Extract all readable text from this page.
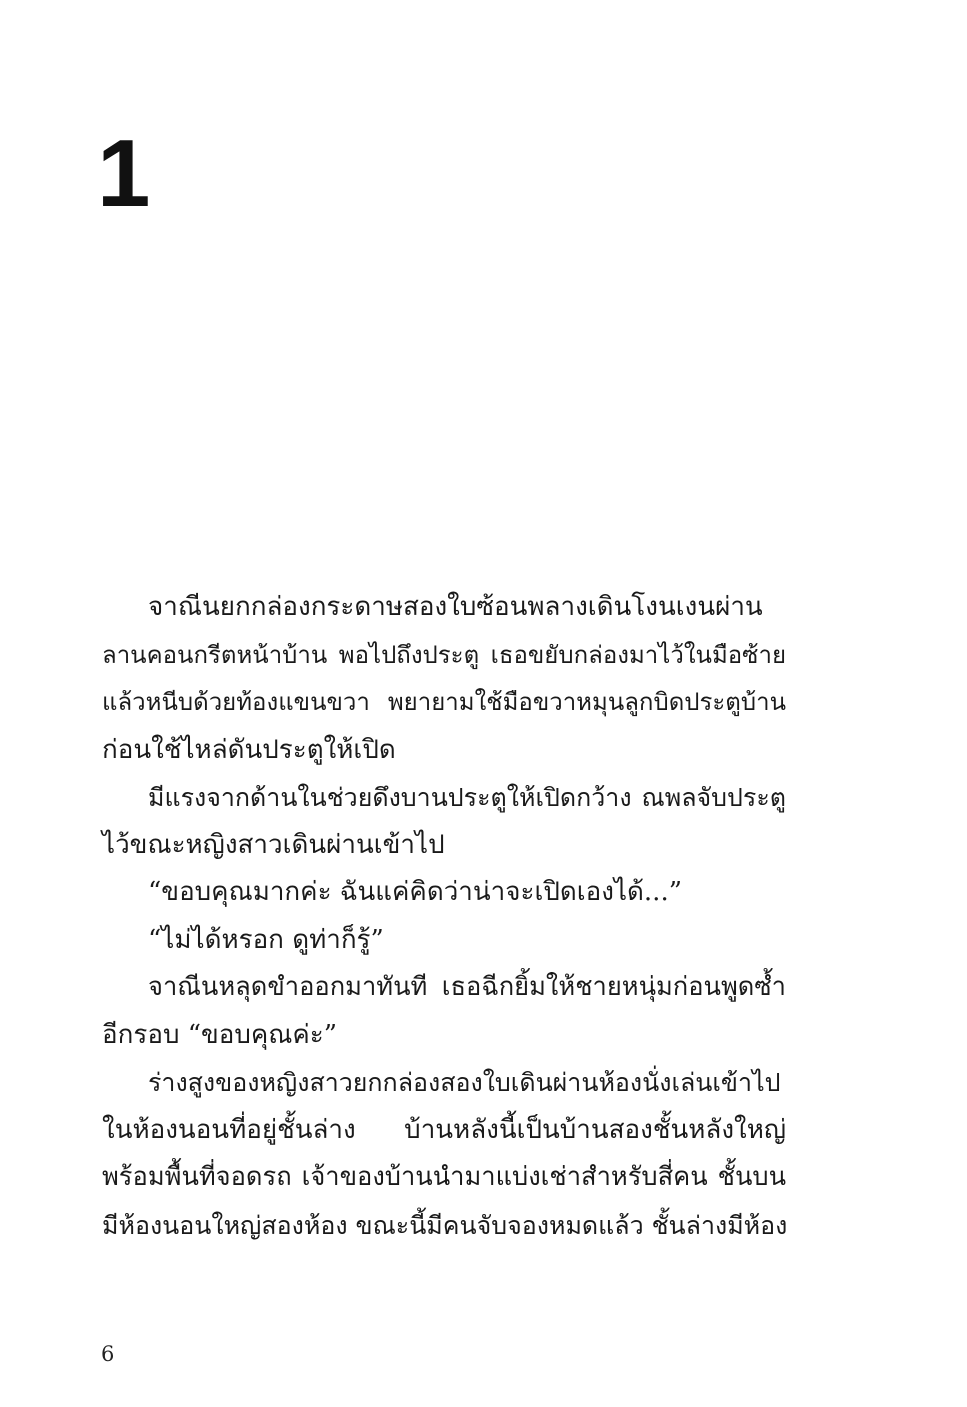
1
จาณีนยกกล่องกระดาษสองใบซ้อนพลางเดินโงนเงนผ่าน
ลานคอนกรีตหน้าบ้าน พอไปถึงประตู เธอขยับกล่องมาไว้ในมือซ้าย
แล้วหนีบด้วยท้องแขนขวา พยายามใช้มือขวาหมุนลูกบิดประตูบ้าน
ก่อนใช้ไหล่ดันประตูให้เปิด
มีแรงจากด้านในช่วยดึงบานประตูให้เปิดกว้าง ณพลจับประตู
ไว้ขณะหญิงสาวเดินผ่านเข้าไป
“ขอบคุณมากค่ะ ฉันแค่คิดว่าน่าจะเปิดเองได้...”
“ไม่ได้หรอก ดูท่าก็รู้”
จาณีนหลุดขำออกมาทันที เธอฉีกยิ้มให้ชายหนุ่มก่อนพูดซ้ำ
อีกรอบ “ขอบคุณค่ะ”
ร่างสูงของหญิงสาวยกกล่องสองใบเดินผ่านห้องนั่งเล่นเข้าไป
ในห้องนอนที่อยู่ชั้นล่าง บ้านหลังนี้เป็นบ้านสองชั้นหลังใหญ่
พร้อมพื้นที่จอดรถ เจ้าของบ้านนำมาแบ่งเช่าสำหรับสี่คน ชั้นบน
มีห้องนอนใหญ่สองห้อง ขณะนี้มีคนจับจองหมดแล้ว ชั้นล่างมีห้อง
6
